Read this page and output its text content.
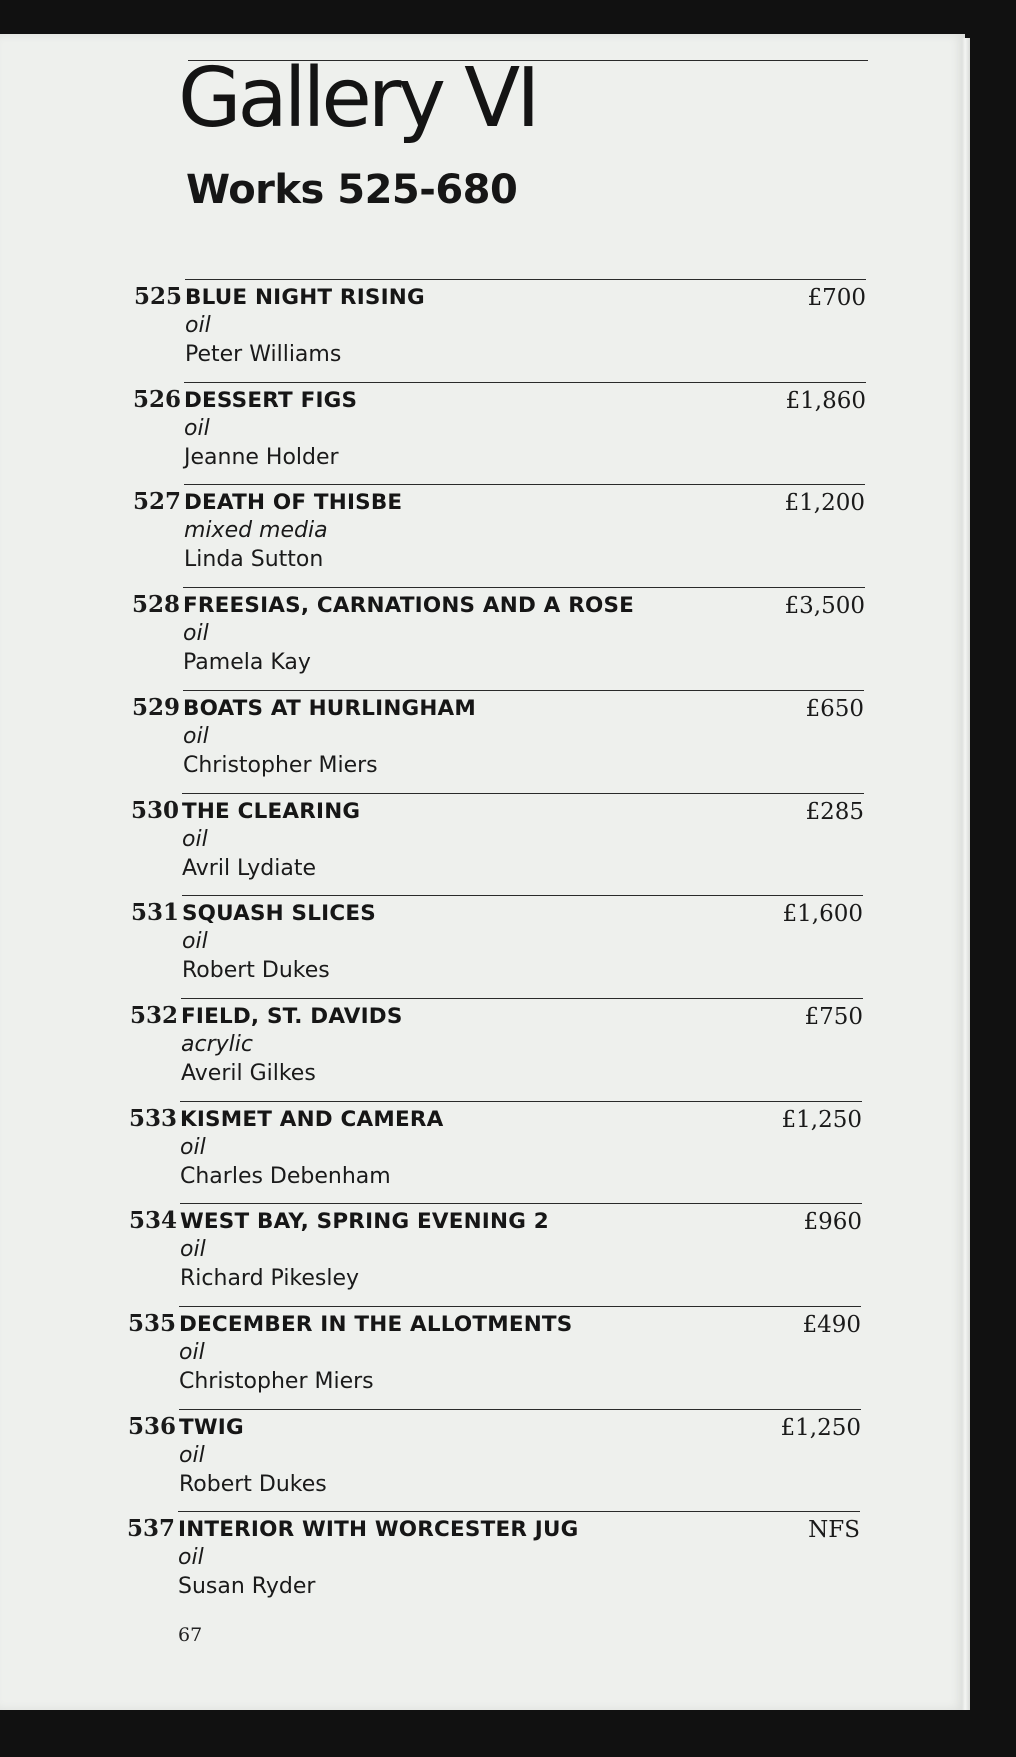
Gallery VI
Works 525-680
525 BLUE NIGHT RISING
oil
Peter Williams
£700
526 DESSERT FIGS
oil
Jeanne Holder
£1,860
527 DEATH OF THISBE
mixed media
Linda Sutton
£1,200
528 FREESIAS, CARNATIONS AND A ROSE
oil
Pamela Kay
£3,500
529 BOATS AT HURLINGHAM
oil
Christopher Miers
£650
530 THE CLEARING
oil
Avril Lydiate
£285
531 SQUASH SLICES
oil
Robert Dukes
£1,600
532 FIELD, ST. DAVIDS
acrylic
Averil Gilkes
£750
533 KISMET AND CAMERA
oil
Charles Debenham
£1,250
534 WEST BAY, SPRING EVENING 2
oil
Richard Pikesley
£960
535 DECEMBER IN THE ALLOTMENTS
oil
Christopher Miers
£490
536 TWIG
oil
Robert Dukes
£1,250
537 INTERIOR WITH WORCESTER JUG
oil
Susan Ryder
NFS
67
